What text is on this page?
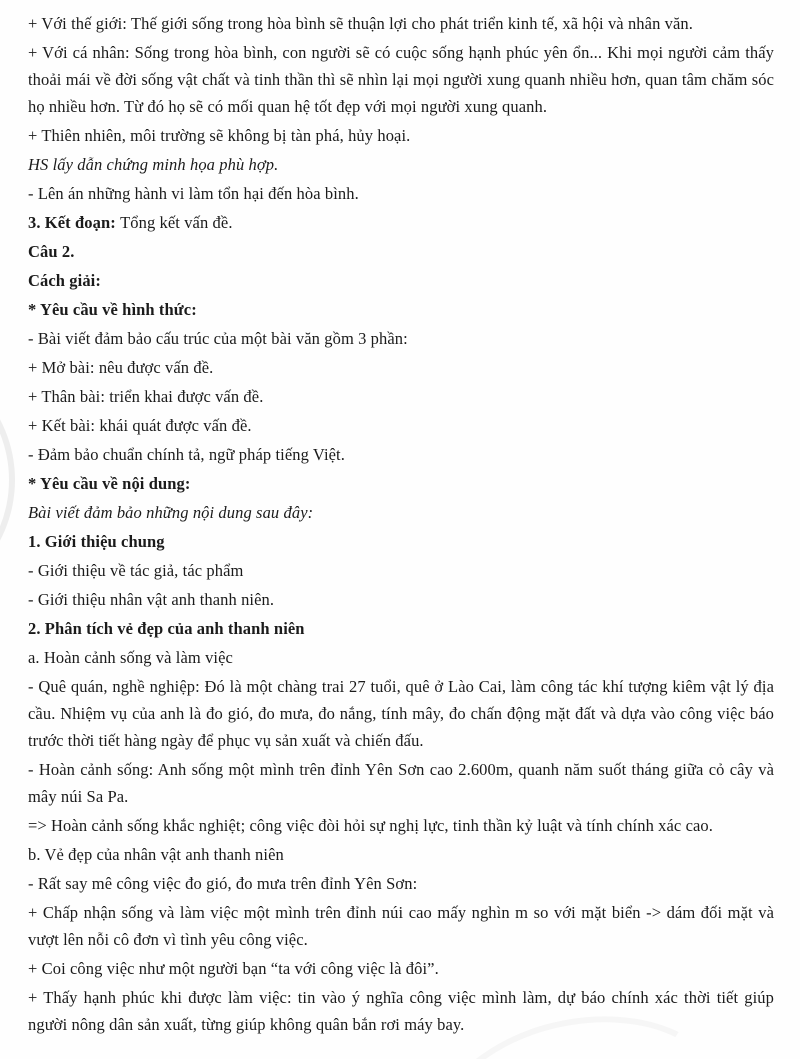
+ Với thế giới: Thế giới sống trong hòa bình sẽ thuận lợi cho phát triển kinh tế, xã hội và nhân văn.

+ Với cá nhân: Sống trong hòa bình, con người sẽ có cuộc sống hạnh phúc yên ổn... Khi mọi người cảm thấy thoải mái về đời sống vật chất và tinh thần thì sẽ nhìn lại mọi người xung quanh nhiều hơn, quan tâm chăm sóc họ nhiều hơn. Từ đó họ sẽ có mối quan hệ tốt đẹp với mọi người xung quanh.

+ Thiên nhiên, môi trường sẽ không bị tàn phá, hủy hoại.

HS lấy dẫn chứng minh họa phù hợp.

- Lên án những hành vi làm tổn hại đến hòa bình.

3. Kết đoạn: Tổng kết vấn đề.

Câu 2.

Cách giải:

* Yêu cầu về hình thức:

- Bài viết đảm bảo cấu trúc của một bài văn gồm 3 phần:

+ Mở bài: nêu được vấn đề.

+ Thân bài: triển khai được vấn đề.

+ Kết bài: khái quát được vấn đề.

- Đảm bảo chuẩn chính tả, ngữ pháp tiếng Việt.

* Yêu cầu về nội dung:

Bài viết đảm bảo những nội dung sau đây:

1. Giới thiệu chung

- Giới thiệu về tác giả, tác phẩm

- Giới thiệu nhân vật anh thanh niên.

2. Phân tích vẻ đẹp của anh thanh niên

a. Hoàn cảnh sống và làm việc

- Quê quán, nghề nghiệp: Đó là một chàng trai 27 tuổi, quê ở Lào Cai, làm công tác khí tượng kiêm vật lý địa cầu. Nhiệm vụ của anh là đo gió, đo mưa, đo nắng, tính mây, đo chấn động mặt đất và dựa vào công việc báo trước thời tiết hàng ngày để phục vụ sản xuất và chiến đấu.

- Hoàn cảnh sống: Anh sống một mình trên đỉnh Yên Sơn cao 2.600m, quanh năm suốt tháng giữa cỏ cây và mây núi Sa Pa.

=> Hoàn cảnh sống khắc nghiệt; công việc đòi hỏi sự nghị lực, tinh thần kỷ luật và tính chính xác cao.

b. Vẻ đẹp của nhân vật anh thanh niên

- Rất say mê công việc đo gió, đo mưa trên đỉnh Yên Sơn:

+ Chấp nhận sống và làm việc một mình trên đỉnh núi cao mấy nghìn m so với mặt biển -> dám đối mặt và vượt lên nỗi cô đơn vì tình yêu công việc.

+ Coi công việc như một người bạn “ta với công việc là đôi”.

+ Thấy hạnh phúc khi được làm việc: tin vào ý nghĩa công việc mình làm, dự báo chính xác thời tiết giúp người nông dân sản xuất, từng giúp không quân bắn rơi máy bay.
